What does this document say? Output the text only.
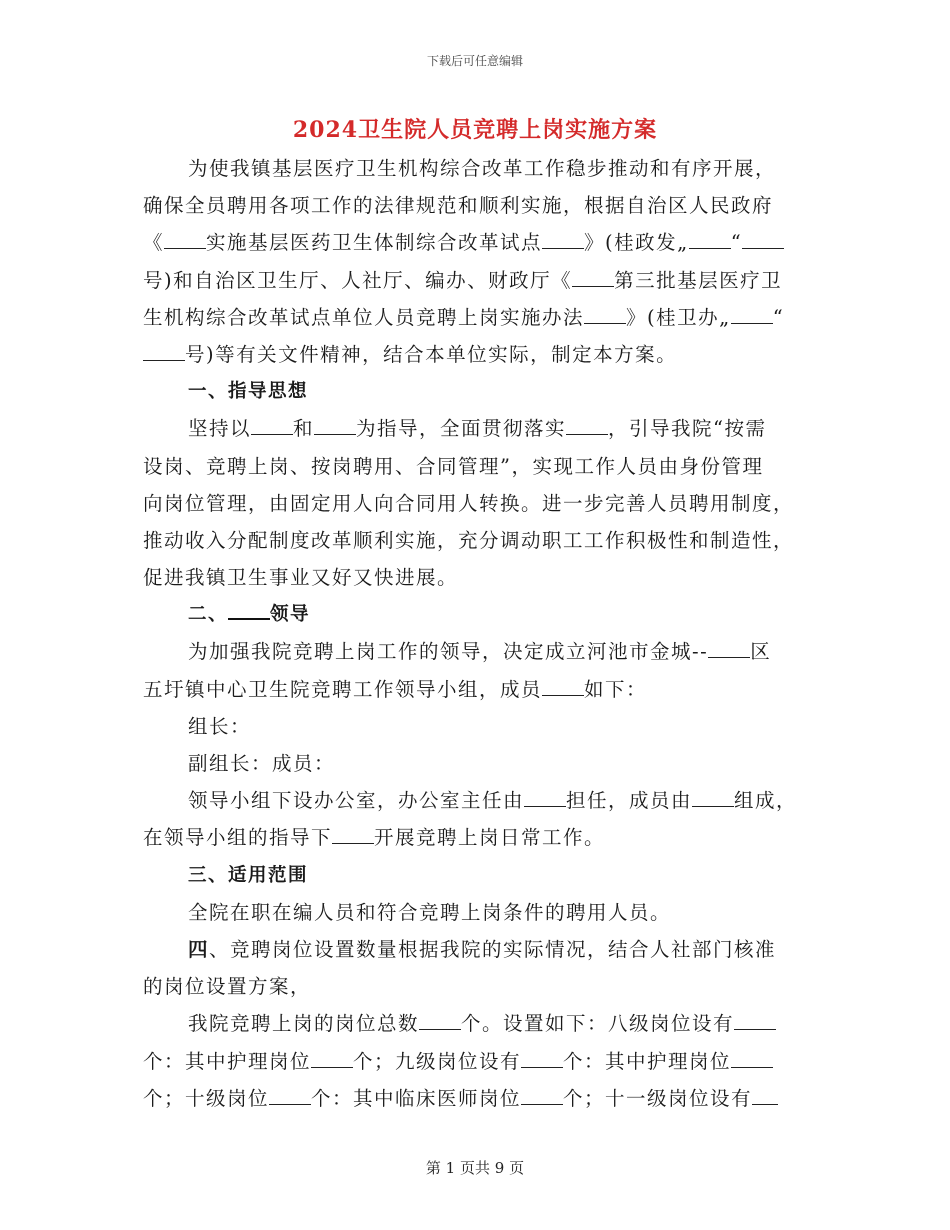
下载后可任意编辑
2024卫生院人员竞聘上岗实施方案
为使我镇基层医疗卫生机构综合改革工作稳步推动和有序开展，
确保全员聘用各项工作的法律规范和顺利实施，根据自治区人民政府
《 实施基层医药卫生体制综合改革试点 》(桂政发„ “
号)和自治区卫生厅、人社厅、编办、财政厅《 第三批基层医疗卫
生机构综合改革试点单位人员竞聘上岗实施办法 》(桂卫办„ “
号)等有关文件精神，结合本单位实际，制定本方案。
一、指导思想
坚持以 和 为指导，全面贯彻落实 ，引导我院“按需
设岗、竞聘上岗、按岗聘用、合同管理”，实现工作人员由身份管理
向岗位管理，由固定用人向合同用人转换。进一步完善人员聘用制度，
推动收入分配制度改革顺利实施，充分调动职工工作积极性和制造性，
促进我镇卫生事业又好又快进展。
二、 领导
为加强我院竞聘上岗工作的领导，决定成立河池市金城-- 区
五圩镇中心卫生院竞聘工作领导小组，成员 如下：
组长：
副组长：成员：
领导小组下设办公室，办公室主任由 担任，成员由 组成，
在领导小组的指导下 开展竞聘上岗日常工作。
三、适用范围
全院在职在编人员和符合竞聘上岗条件的聘用人员。
四、竞聘岗位设置数量根据我院的实际情况，结合人社部门核准
的岗位设置方案，
我院竞聘上岗的岗位总数 个。设置如下：八级岗位设有
个：其中护理岗位 个；九级岗位设有 个：其中护理岗位
个；十级岗位 个：其中临床医师岗位 个；十一级岗位设有
第 1 页共 9 页
